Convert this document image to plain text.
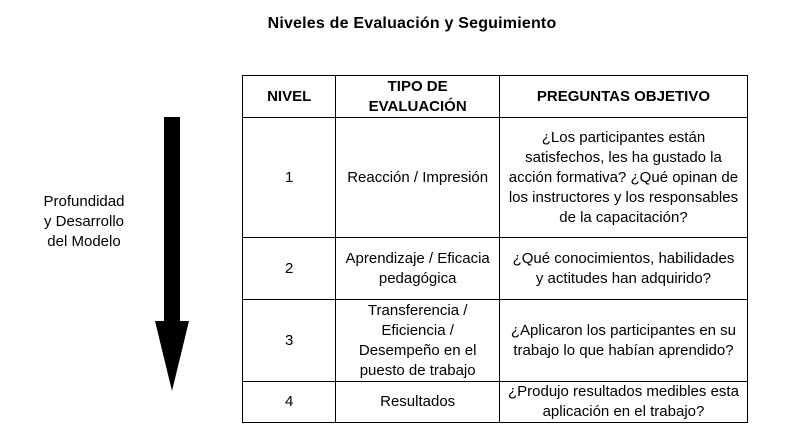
Niveles de Evaluación y Seguimiento
Profundidad
y Desarrollo
del Modelo
NIVEL	TIPO DE EVALUACIÓN	PREGUNTAS OBJETIVO
1	Reacción / Impresión	¿Los participantes están satisfechos, les ha gustado la acción formativa? ¿Qué opinan de los instructores y los responsables de la capacitación?
2	Aprendizaje / Eficacia pedagógica	¿Qué conocimientos, habilidades y actitudes han adquirido?
3	Transferencia / Eficiencia / Desempeño en el puesto de trabajo	¿Aplicaron los participantes en su trabajo lo que habían aprendido?
4	Resultados	¿Produjo resultados medibles esta aplicación en el trabajo?
